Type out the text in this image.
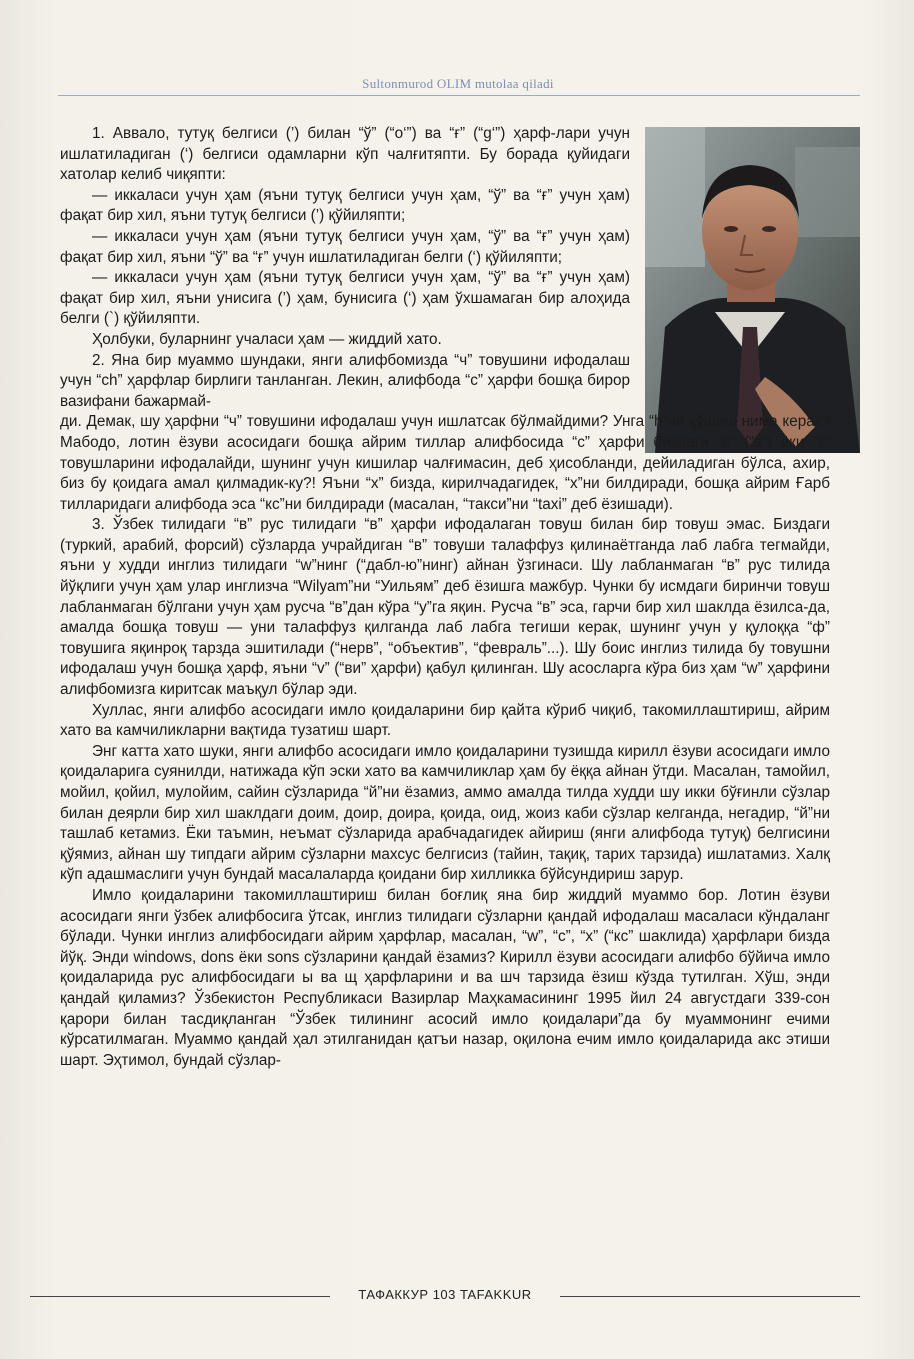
Sultonmurod OLIM mutolaa qiladi

1. Аввало, тутуқ белгиси (’) билан “ў” (“о‘”) ва “ғ” (“g‘”) ҳарф-лари учун ишлатиладиган (‘) белгиси одамларни кўп чалғитяпти. Бу борада қуйидаги хатолар келиб чиқяпти:

— иккаласи учун ҳам (яъни тутуқ белгиси учун ҳам, “ў” ва “ғ” учун ҳам) фақат бир хил, яъни тутуқ белгиси (’) қўйиляпти;

— иккаласи учун ҳам (яъни тутуқ белгиси учун ҳам, “ў” ва “ғ” учун ҳам) фақат бир хил, яъни “ў” ва “ғ” учун ишлатиладиган белги (‘) қўйиляпти;

— иккаласи учун ҳам (яъни тутуқ белгиси учун ҳам, “ў” ва “ғ” учун ҳам) фақат бир хил, яъни унисига (’) ҳам, бунисига (‘) ҳам ўхшамаган бир алоҳида белги (`) қўйиляпти.

Ҳолбуки, буларнинг учаласи ҳам — жиддий хато.

2. Яна бир муаммо шундаки, янги алифбомизда “ч” товушини ифодалаш учун “ch” ҳарфлар бирлиги танланган. Лекин, алифбода “с” ҳарфи бошқа бирор вазифани бажармай-

ди. Демак, шу ҳарфни “ч” товушини ифодалаш учун ишлатсак бўлмайдими? Унга “h”ни қўшиш нима керак? Мабодо, лотин ёзуви асосидаги бошқа айрим тиллар алифбосида “с” ҳарфи биздаги “с” (“s”) ёки “к” товушларини ифодалайди, шунинг учун кишилар чалғимасин, деб ҳисобланди, дейиладиган бўлса, ахир, биз бу қоидага амал қилмадик-ку?! Яъни “х” бизда, кирилчадагидек, “х”ни билдиради, бошқа айрим Ғарб тилларидаги алифбода эса “кс”ни билдиради (масалан, “такси”ни “taxi” деб ёзишади).

3. Ўзбек тилидаги “в” рус тилидаги “в” ҳарфи ифодалаган товуш билан бир товуш эмас. Биздаги (туркий, арабий, форсий) сўзларда учрайдиган “в” товуши талаффуз қилинаётганда лаб лабга тегмайди, яъни у худди инглиз тилидаги “w”нинг (“дабл-ю”нинг) айнан ўзгинаси. Шу лабланмаган “в” рус тилида йўқлиги учун ҳам улар инглизча “Wilyam”ни “Уильям” деб ёзишга мажбур. Чунки бу исмдаги биринчи товуш лабланмаган бўлгани учун ҳам русча “в”дан кўра “у”га яқин. Русча “в” эса, гарчи бир хил шаклда ёзилса-да, амалда бошқа товуш — уни талаффуз қилганда лаб лабга тегиши керак, шунинг учун у қулоққа “ф” товушига яқинроқ тарзда эшитилади (“нерв”, “объектив”, “февраль”...). Шу боис инглиз тилида бу товушни ифодалаш учун бошқа ҳарф, яъни “v” (“ви” ҳарфи) қабул қилинган. Шу асосларга кўра биз ҳам “w” ҳарфини алифбомизга киритсак маъқул бўлар эди.

Хуллас, янги алифбо асосидаги имло қоидаларини бир қайта кўриб чиқиб, такомиллаштириш, айрим хато ва камчиликларни вақтида тузатиш шарт.

Энг катта хато шуки, янги алифбо асосидаги имло қоидаларини тузишда кирилл ёзуви асосидаги имло қоидаларига суянилди, натижада кўп эски хато ва камчиликлар ҳам бу ёққа айнан ўтди. Масалан, тамойил, мойил, қойил, мулойим, сайин сўзларида “й”ни ёзамиз, аммо амалда тилда худди шу икки бўғинли сўзлар билан деярли бир хил шаклдаги доим, доир, доира, қоида, оид, жоиз каби сўзлар келганда, негадир, “й”ни ташлаб кетамиз. Ёки таъмин, неъмат сўзларида арабчадагидек айириш (янги алифбода тутуқ) белгисини қўямиз, айнан шу типдаги айрим сўзларни махсус белгисиз (тайин, тақиқ, тарих тарзида) ишлатамиз. Халқ кўп адашмаслиги учун бундай масалаларда қоидани бир хилликка бўйсундириш зарур.

Имло қоидаларини такомиллаштириш билан боғлиқ яна бир жиддий муаммо бор. Лотин ёзуви асосидаги янги ўзбек алифбосига ўтсак, инглиз тилидаги сўзларни қандай ифодалаш масаласи кўндаланг бўлади. Чунки инглиз алифбосидаги айрим ҳарфлар, масалан, “w”, “с”, “х” (“кс” шаклида) ҳарфлари бизда йўқ. Энди windows, dons ёки sons сўзларини қандай ёзамиз? Кирилл ёзуви асосидаги алифбо бўйича имло қоидаларида рус алифбосидаги ы ва щ ҳарфларини и ва шч тарзида ёзиш кўзда тутилган. Хўш, энди қандай қиламиз? Ўзбекистон Республикаси Вазирлар Маҳкамасининг 1995 йил 24 августдаги 339-сон қарори билан тасдиқланган “Ўзбек тилининг асосий имло қоидалари”да бу муаммонинг ечими кўрсатилмаган. Муаммо қандай ҳал этилганидан қатъи назар, оқилона ечим имло қоидаларида акс этиши шарт. Эҳтимол, бундай сўзлар-

ТАФАККУР 103 TAFAKKUR
